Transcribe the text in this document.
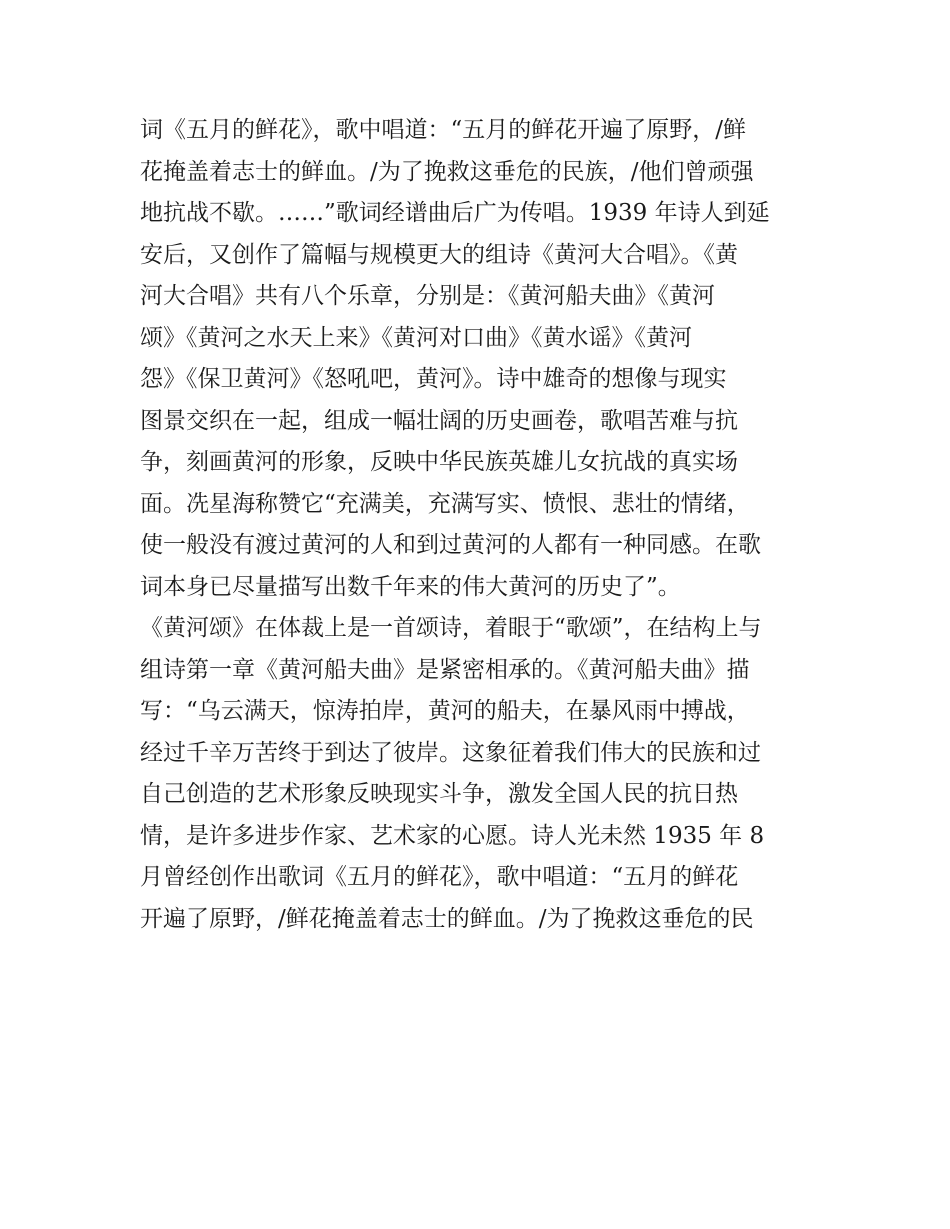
词《五月的鲜花》，歌中唱道：“五月的鲜花开遍了原野，/鲜
花掩盖着志士的鲜血。/为了挽救这垂危的民族，/他们曾顽强
地抗战不歇。……”歌词经谱曲后广为传唱。1939 年诗人到延
安后，又创作了篇幅与规模更大的组诗《黄河大合唱》。《黄
河大合唱》共有八个乐章，分别是：《黄河船夫曲》《黄河
颂》《黄河之水天上来》《黄河对口曲》《黄水谣》《黄河
怨》《保卫黄河》《怒吼吧，黄河》。诗中雄奇的想像与现实
图景交织在一起，组成一幅壮阔的历史画卷，歌唱苦难与抗
争，刻画黄河的形象，反映中华民族英雄儿女抗战的真实场
面。冼星海称赞它“充满美，充满写实、愤恨、悲壮的情绪，
使一般没有渡过黄河的人和到过黄河的人都有一种同感。在歌
词本身已尽量描写出数千年来的伟大黄河的历史了”。
《黄河颂》在体裁上是一首颂诗，着眼于“歌颂”，在结构上与
组诗第一章《黄河船夫曲》是紧密相承的。《黄河船夫曲》描
写：“乌云满天，惊涛拍岸，黄河的船夫，在暴风雨中搏战，
经过千辛万苦终于到达了彼岸。这象征着我们伟大的民族和过
自己创造的艺术形象反映现实斗争，激发全国人民的抗日热
情，是许多进步作家、艺术家的心愿。诗人光未然 1935 年 8
月曾经创作出歌词《五月的鲜花》，歌中唱道：“五月的鲜花
开遍了原野，/鲜花掩盖着志士的鲜血。/为了挽救这垂危的民
